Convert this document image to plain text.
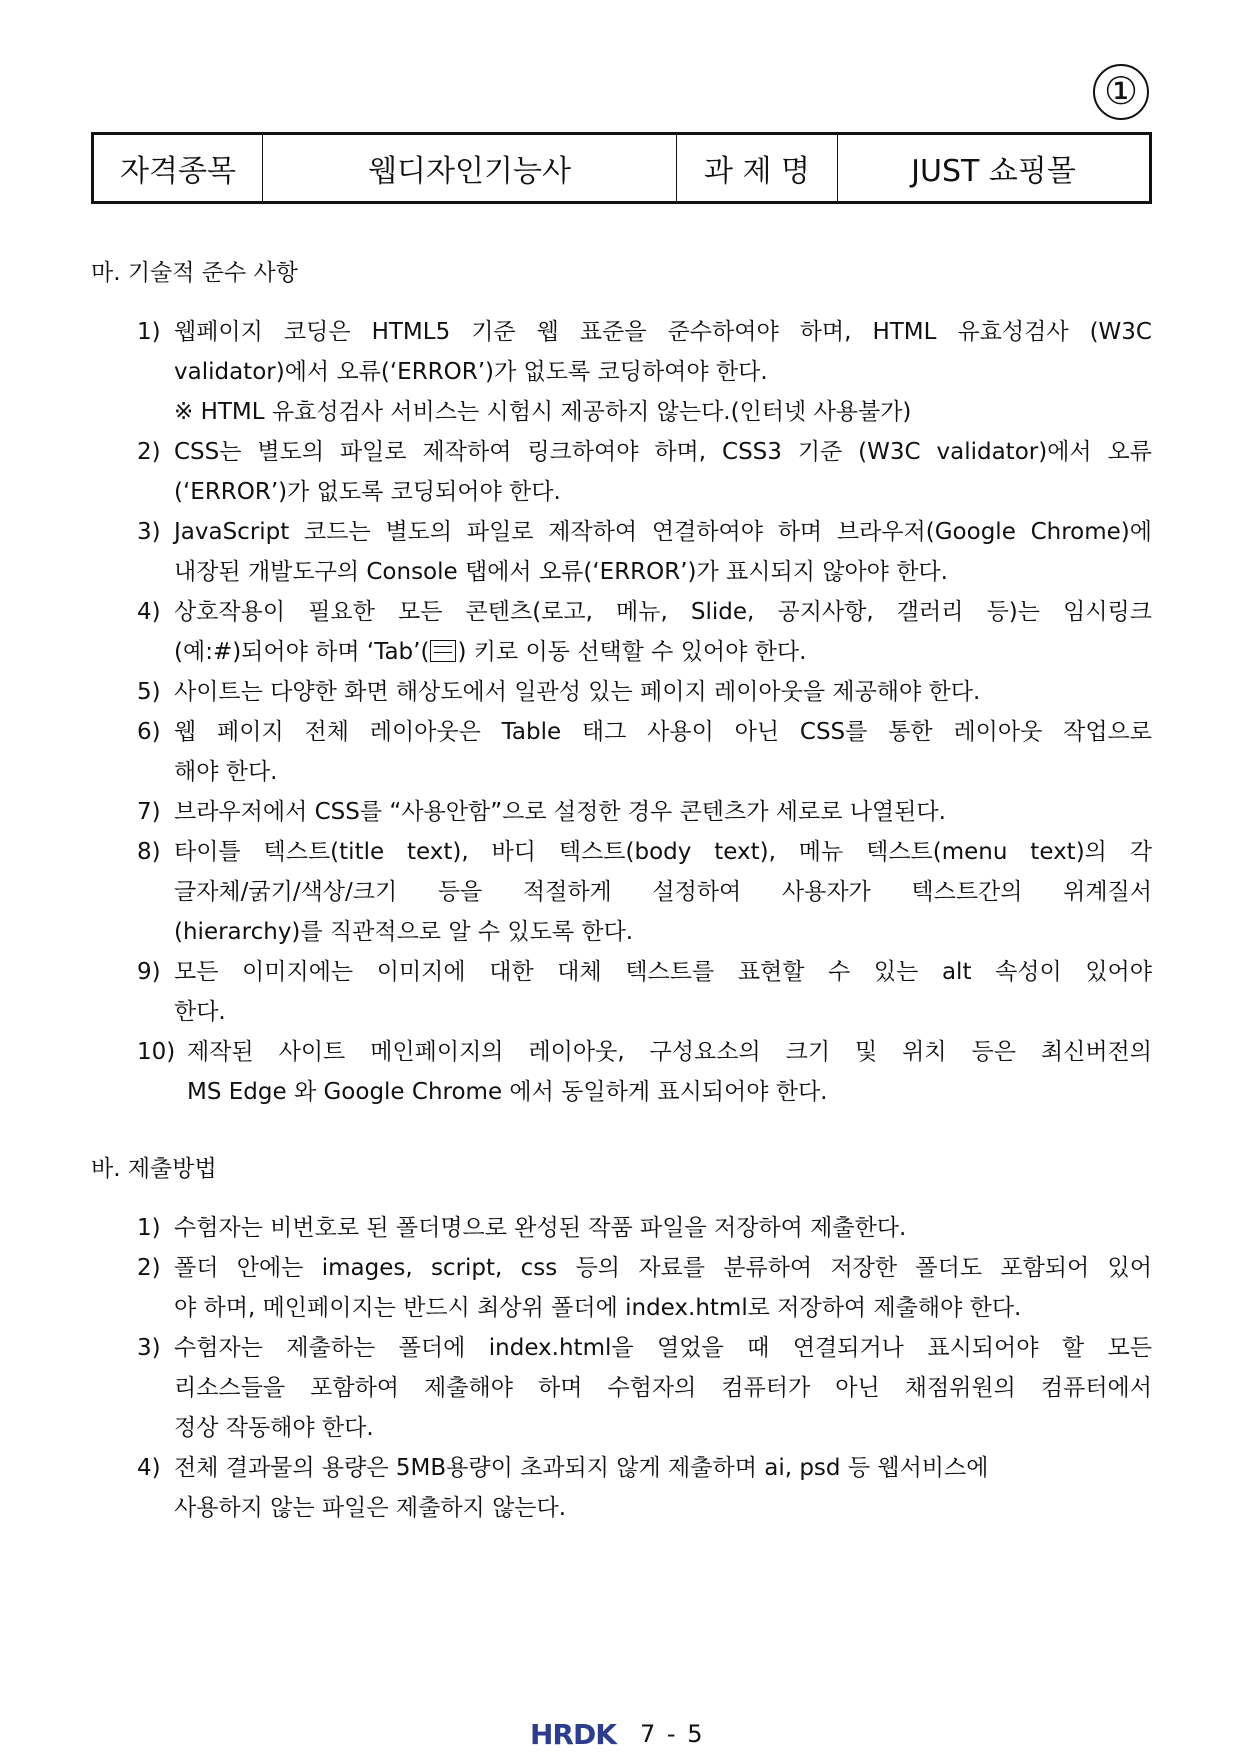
①
자격종목	웹디자인기능사	과 제 명	JUST 쇼핑몰
마. 기술적 준수 사항
1) 웹페이지 코딩은 HTML5 기준 웹 표준을 준수하여야 하며, HTML 유효성검사 (W3C
validator)에서 오류(‘ERROR’)가 없도록 코딩하여야 한다.
※ HTML 유효성검사 서비스는 시험시 제공하지 않는다.(인터넷 사용불가)
2) CSS는 별도의 파일로 제작하여 링크하여야 하며, CSS3 기준 (W3C validator)에서 오류
(‘ERROR’)가 없도록 코딩되어야 한다.
3) JavaScript 코드는 별도의 파일로 제작하여 연결하여야 하며 브라우저(Google Chrome)에
내장된 개발도구의 Console 탭에서 오류(‘ERROR’)가 표시되지 않아야 한다.
4) 상호작용이 필요한 모든 콘텐츠(로고, 메뉴, Slide, 공지사항, 갤러리 등)는 임시링크
(예:#)되어야 하며 ‘Tab’( ) 키로 이동 선택할 수 있어야 한다.
5) 사이트는 다양한 화면 해상도에서 일관성 있는 페이지 레이아웃을 제공해야 한다.
6) 웹 페이지 전체 레이아웃은 Table 태그 사용이 아닌 CSS를 통한 레이아웃 작업으로
해야 한다.
7) 브라우저에서 CSS를 “사용안함”으로 설정한 경우 콘텐츠가 세로로 나열된다.
8) 타이틀 텍스트(title text), 바디 텍스트(body text), 메뉴 텍스트(menu text)의 각
글자체/굵기/색상/크기 등을 적절하게 설정하여 사용자가 텍스트간의 위계질서
(hierarchy)를 직관적으로 알 수 있도록 한다.
9) 모든 이미지에는 이미지에 대한 대체 텍스트를 표현할 수 있는 alt 속성이 있어야
한다.
10) 제작된 사이트 메인페이지의 레이아웃, 구성요소의 크기 및 위치 등은 최신버전의
MS Edge 와 Google Chrome 에서 동일하게 표시되어야 한다.
바. 제출방법
1) 수험자는 비번호로 된 폴더명으로 완성된 작품 파일을 저장하여 제출한다.
2) 폴더 안에는 images, script, css 등의 자료를 분류하여 저장한 폴더도 포함되어 있어
야 하며, 메인페이지는 반드시 최상위 폴더에 index.html로 저장하여 제출해야 한다.
3) 수험자는 제출하는 폴더에 index.html을 열었을 때 연결되거나 표시되어야 할 모든
리소스들을 포함하여 제출해야 하며 수험자의 컴퓨터가 아닌 채점위원의 컴퓨터에서
정상 작동해야 한다.
4) 전체 결과물의 용량은 5MB용량이 초과되지 않게 제출하며 ai, psd 등 웹서비스에
사용하지 않는 파일은 제출하지 않는다.
HRDK 7 - 5
